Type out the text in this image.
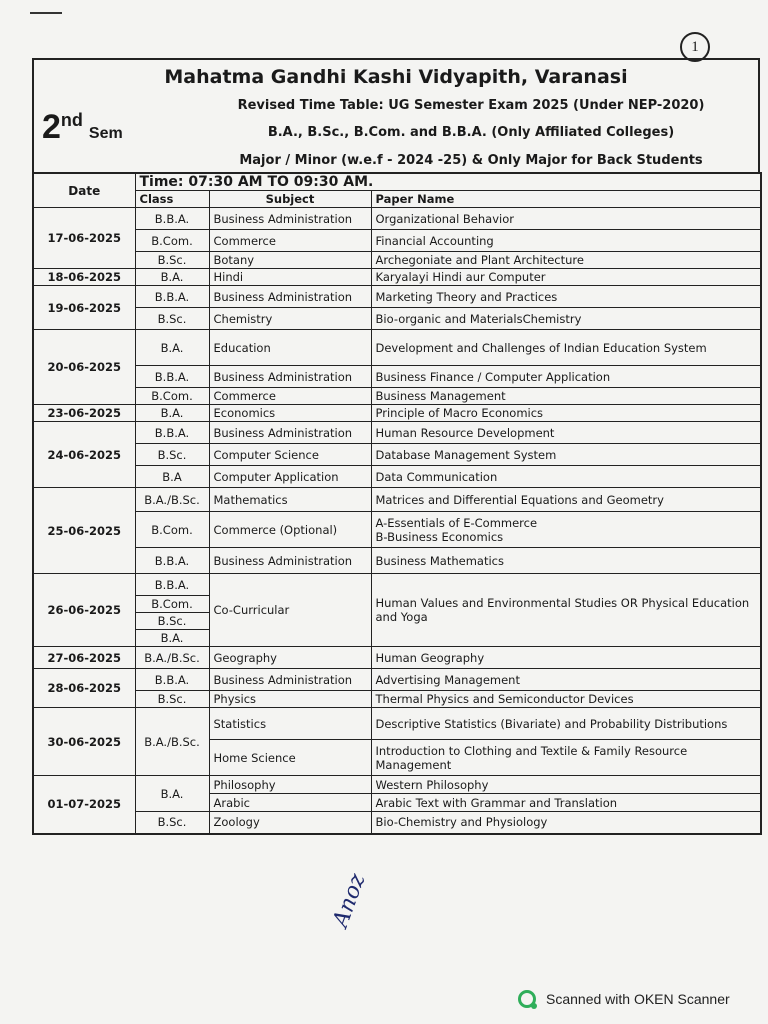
1
Mahatma Gandhi Kashi Vidyapith, Varanasi
2ndSem
Revised Time Table: UG Semester Exam 2025 (Under NEP-2020)
B.A., B.Sc., B.Com. and B.B.A. (Only Affiliated Colleges)
Major / Minor (w.e.f - 2024 -25) & Only Major for Back Students
Date	Time: 07:30 AM TO 09:30 AM.		
	Class	Subject	Paper Name
17-06-2025	B.B.A.	Business Administration	Organizational Behavior
	B.Com.	Commerce	Financial Accounting
	B.Sc.	Botany	Archegoniate and Plant Architecture
18-06-2025	B.A.	Hindi	Karyalayi Hindi aur Computer
19-06-2025	B.B.A.	Business Administration	Marketing Theory and Practices
	B.Sc.	Chemistry	Bio-organic and MaterialsChemistry
20-06-2025	B.A.	Education	Development and Challenges of Indian Education System
	B.B.A.	Business Administration	Business Finance / Computer Application
	B.Com.	Commerce	Business Management
23-06-2025	B.A.	Economics	Principle of Macro Economics
24-06-2025	B.B.A.	Business Administration	Human Resource Development
	B.Sc.	Computer Science	Database Management System
	B.A	Computer Application	Data Communication
25-06-2025	B.A./B.Sc.	Mathematics	Matrices and Differential Equations and Geometry
	B.Com.	Commerce (Optional)	A-Essentials of E-Commerce
B-Business Economics

	B.B.A.	Business Administration	Business Mathematics
26-06-2025	B.B.A.	Co-Curricular	Human Values and Environmental Studies OR Physical Education and Yoga
	B.Com.		
	B.Sc.		
	B.A.		
27-06-2025	B.A./B.Sc.	Geography	Human Geography
28-06-2025	B.B.A.	Business Administration	Advertising Management
	B.Sc.	Physics	Thermal Physics and Semiconductor Devices
30-06-2025	B.A./B.Sc.	Statistics	Descriptive Statistics (Bivariate) and Probability Distributions
		Home Science	Introduction to Clothing and Textile & Family Resource Management
01-07-2025	B.A.	Philosophy	Western Philosophy
		Arabic	Arabic Text with Grammar and Translation
	B.Sc.	Zoology	Bio-Chemistry and Physiology
Anoz
Scanned with OKEN Scanner
